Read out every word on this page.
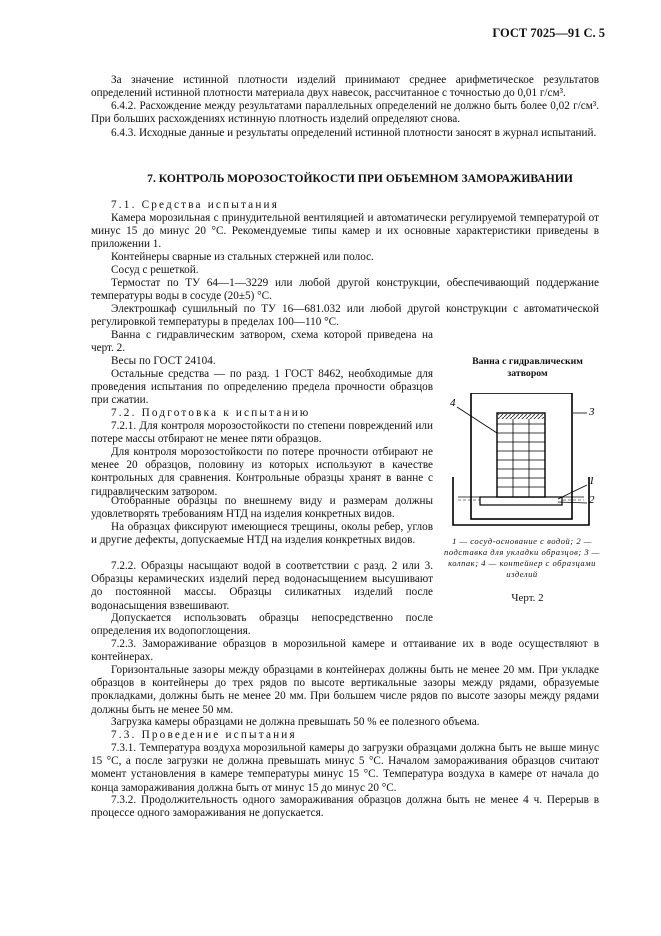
ГОСТ 7025—91 С. 5

За значение истинной плотности изделий принимают среднее арифметическое результатов определений истинной плотности материала двух навесок, рассчитанное с точностью до 0,01 г/см³.

6.4.2. Расхождение между результатами параллельных определений не должно быть более 0,02 г/см³. При больших расхождениях истинную плотность изделий определяют снова.

6.4.3. Исходные данные и результаты определений истинной плотности заносят в журнал испытаний.

7. КОНТРОЛЬ МОРОЗОСТОЙКОСТИ ПРИ ОБЪЕМНОМ ЗАМОРАЖИВАНИИ

7.1. Средства испытания

Камера морозильная с принудительной вентиляцией и автоматически регулируемой температурой от минус 15 до минус 20 °С. Рекомендуемые типы камер и их основные характеристики приведены в приложении 1.

Контейнеры сварные из стальных стержней или полос.

Сосуд с решеткой.

Термостат по ТУ 64—1—3229 или любой другой конструкции, обеспечивающий поддержание температуры воды в сосуде (20±5) °С.

Электрошкаф сушильный по ТУ 16—681.032 или любой другой конструкции с автоматической регулировкой температуры в пределах 100—110 °С.

Ванна с гидравлическим затвором, схема которой приведена на черт. 2.

Весы по ГОСТ 24104.

Остальные средства — по разд. 1 ГОСТ 8462, необходимые для проведения испытания по определению предела прочности образцов при сжатии.

7.2. Подготовка к испытанию

7.2.1. Для контроля морозостойкости по степени повреждений или потере массы отбирают не менее пяти образцов.

Для контроля морозостойкости по потере прочности отбирают не менее 20 образцов, половину из которых используют в качестве контрольных для сравнения. Контрольные образцы хранят в ванне с гидравлическим затвором.

Отобранные образцы по внешнему виду и размерам должны удовлетворять требованиям НТД на изделия конкретных видов.

На образцах фиксируют имеющиеся трещины, околы ребер, углов и другие дефекты, допускаемые НТД на изделия конкретных видов.

7.2.2. Образцы насыщают водой в соответствии с разд. 2 или 3. Образцы керамических изделий перед водонасыщением высушивают до постоянной массы. Образцы силикатных изделий после водонасыщения взвешивают.

Допускается использовать образцы непосредственно после определения их водопоглощения.

7.2.3. Замораживание образцов в морозильной камере и оттаивание их в воде осуществляют в контейнерах.

Горизонтальные зазоры между образцами в контейнерах должны быть не менее 20 мм. При укладке образцов в контейнеры до трех рядов по высоте вертикальные зазоры между рядами, образуемые прокладками, должны быть не менее 20 мм. При большем числе рядов по высоте зазоры между рядами должны быть не менее 50 мм.

Загрузка камеры образцами не должна превышать 50 % ее полезного объема.

7.3. Проведение испытания

7.3.1. Температура воздуха морозильной камеры до загрузки образцами должна быть не выше минус 15 °С, а после загрузки не должна превышать минус 5 °С. Началом замораживания образцов считают момент установления в камере температуры минус 15 °С. Температура воздуха в камере от начала до конца замораживания должна быть от минус 15 до минус 20 °С.

7.3.2. Продолжительность одного замораживания образцов должна быть не менее 4 ч. Перерыв в процессе одного замораживания не допускается.

Ванна с гидравлическим затвором
4
3
1
2
1 — сосуд-основание с водой; 2 — подставка для укладки образцов; 3 — колпак; 4 — контейнер с образцами изделий
Черт. 2
